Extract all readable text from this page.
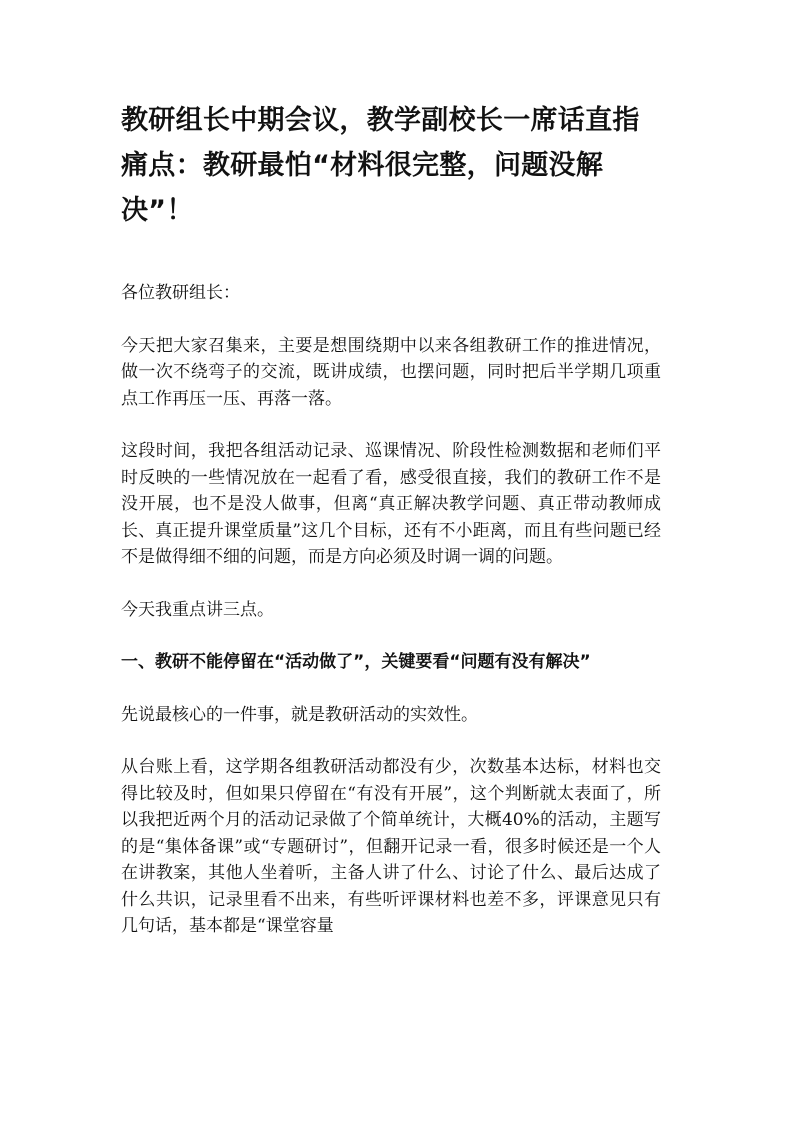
教研组长中期会议，教学副校长一席话直指痛点：教研最怕“材料很完整，问题没解决”！

各位教研组长：

今天把大家召集来，主要是想围绕期中以来各组教研工作的推进情况，做一次不绕弯子的交流，既讲成绩，也摆问题，同时把后半学期几项重点工作再压一压、再落一落。

这段时间，我把各组活动记录、巡课情况、阶段性检测数据和老师们平时反映的一些情况放在一起看了看，感受很直接，我们的教研工作不是没开展，也不是没人做事，但离“真正解决教学问题、真正带动教师成长、真正提升课堂质量”这几个目标，还有不小距离，而且有些问题已经不是做得细不细的问题，而是方向必须及时调一调的问题。

今天我重点讲三点。

一、教研不能停留在“活动做了”，关键要看“问题有没有解决”

先说最核心的一件事，就是教研活动的实效性。

从台账上看，这学期各组教研活动都没有少，次数基本达标，材料也交得比较及时，但如果只停留在“有没有开展”，这个判断就太表面了，所以我把近两个月的活动记录做了个简单统计，大概40%的活动，主题写的是“集体备课”或“专题研讨”，但翻开记录一看，很多时候还是一个人在讲教案，其他人坐着听，主备人讲了什么、讨论了什么、最后达成了什么共识，记录里看不出来，有些听评课材料也差不多，评课意见只有几句话，基本都是“课堂容量
